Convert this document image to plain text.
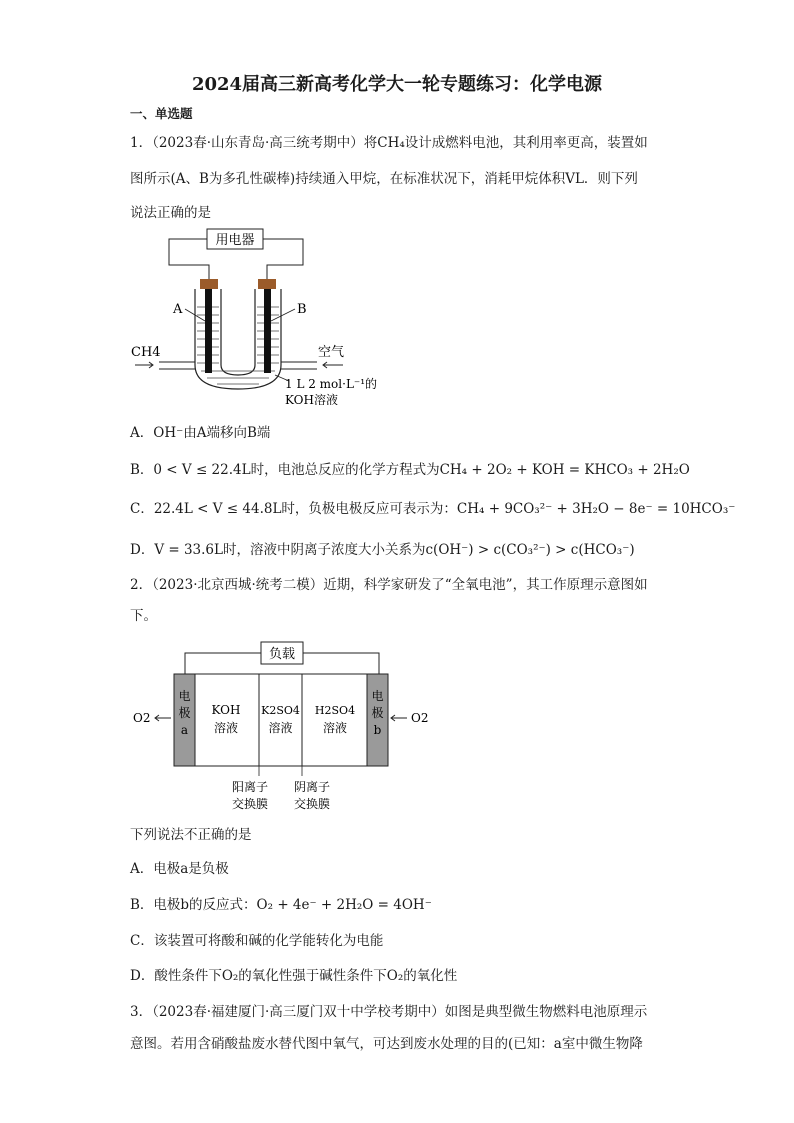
2024届高三新高考化学大一轮专题练习：化学电源
一、单选题
1．（2023春·山东青岛·高三统考期中）将CH₄设计成燃料电池，其利用率更高，装置如
图所示(A、B为多孔性碳棒)持续通入甲烷，在标准状况下，消耗甲烷体积VL．则下列
说法正确的是
用电器
A	B
CH4	空气
1 L 2 mol·L⁻¹的
KOH溶液
A．OH⁻由A端移向B端
B．0 < V ≤ 22.4L时，电池总反应的化学方程式为CH₄ + 2O₂ + KOH = KHCO₃ + 2H₂O
C．22.4L < V ≤ 44.8L时，负极电极反应可表示为：CH₄ + 9CO₃²⁻ + 3H₂O − 8e⁻ = 10HCO₃⁻
D．V = 33.6L时，溶液中阴离子浓度大小关系为c(OH⁻) > c(CO₃²⁻) > c(HCO₃⁻)
2．（2023·北京西城·统考二模）近期，科学家研发了“全氧电池”，其工作原理示意图如
下。
负载
电
极
a
电
极
b
KOH
溶液
K2SO4
溶液
H2SO4
溶液
O2	O2
阳离子
交换膜
阴离子
交换膜
下列说法不正确的是
A．电极a是负极
B．电极b的反应式：O₂ + 4e⁻ + 2H₂O = 4OH⁻
C．该装置可将酸和碱的化学能转化为电能
D．酸性条件下O₂的氧化性强于碱性条件下O₂的氧化性
3．（2023春·福建厦门·高三厦门双十中学校考期中）如图是典型微生物燃料电池原理示
意图。若用含硝酸盐废水替代图中氧气，可达到废水处理的目的(已知：a室中微生物降
